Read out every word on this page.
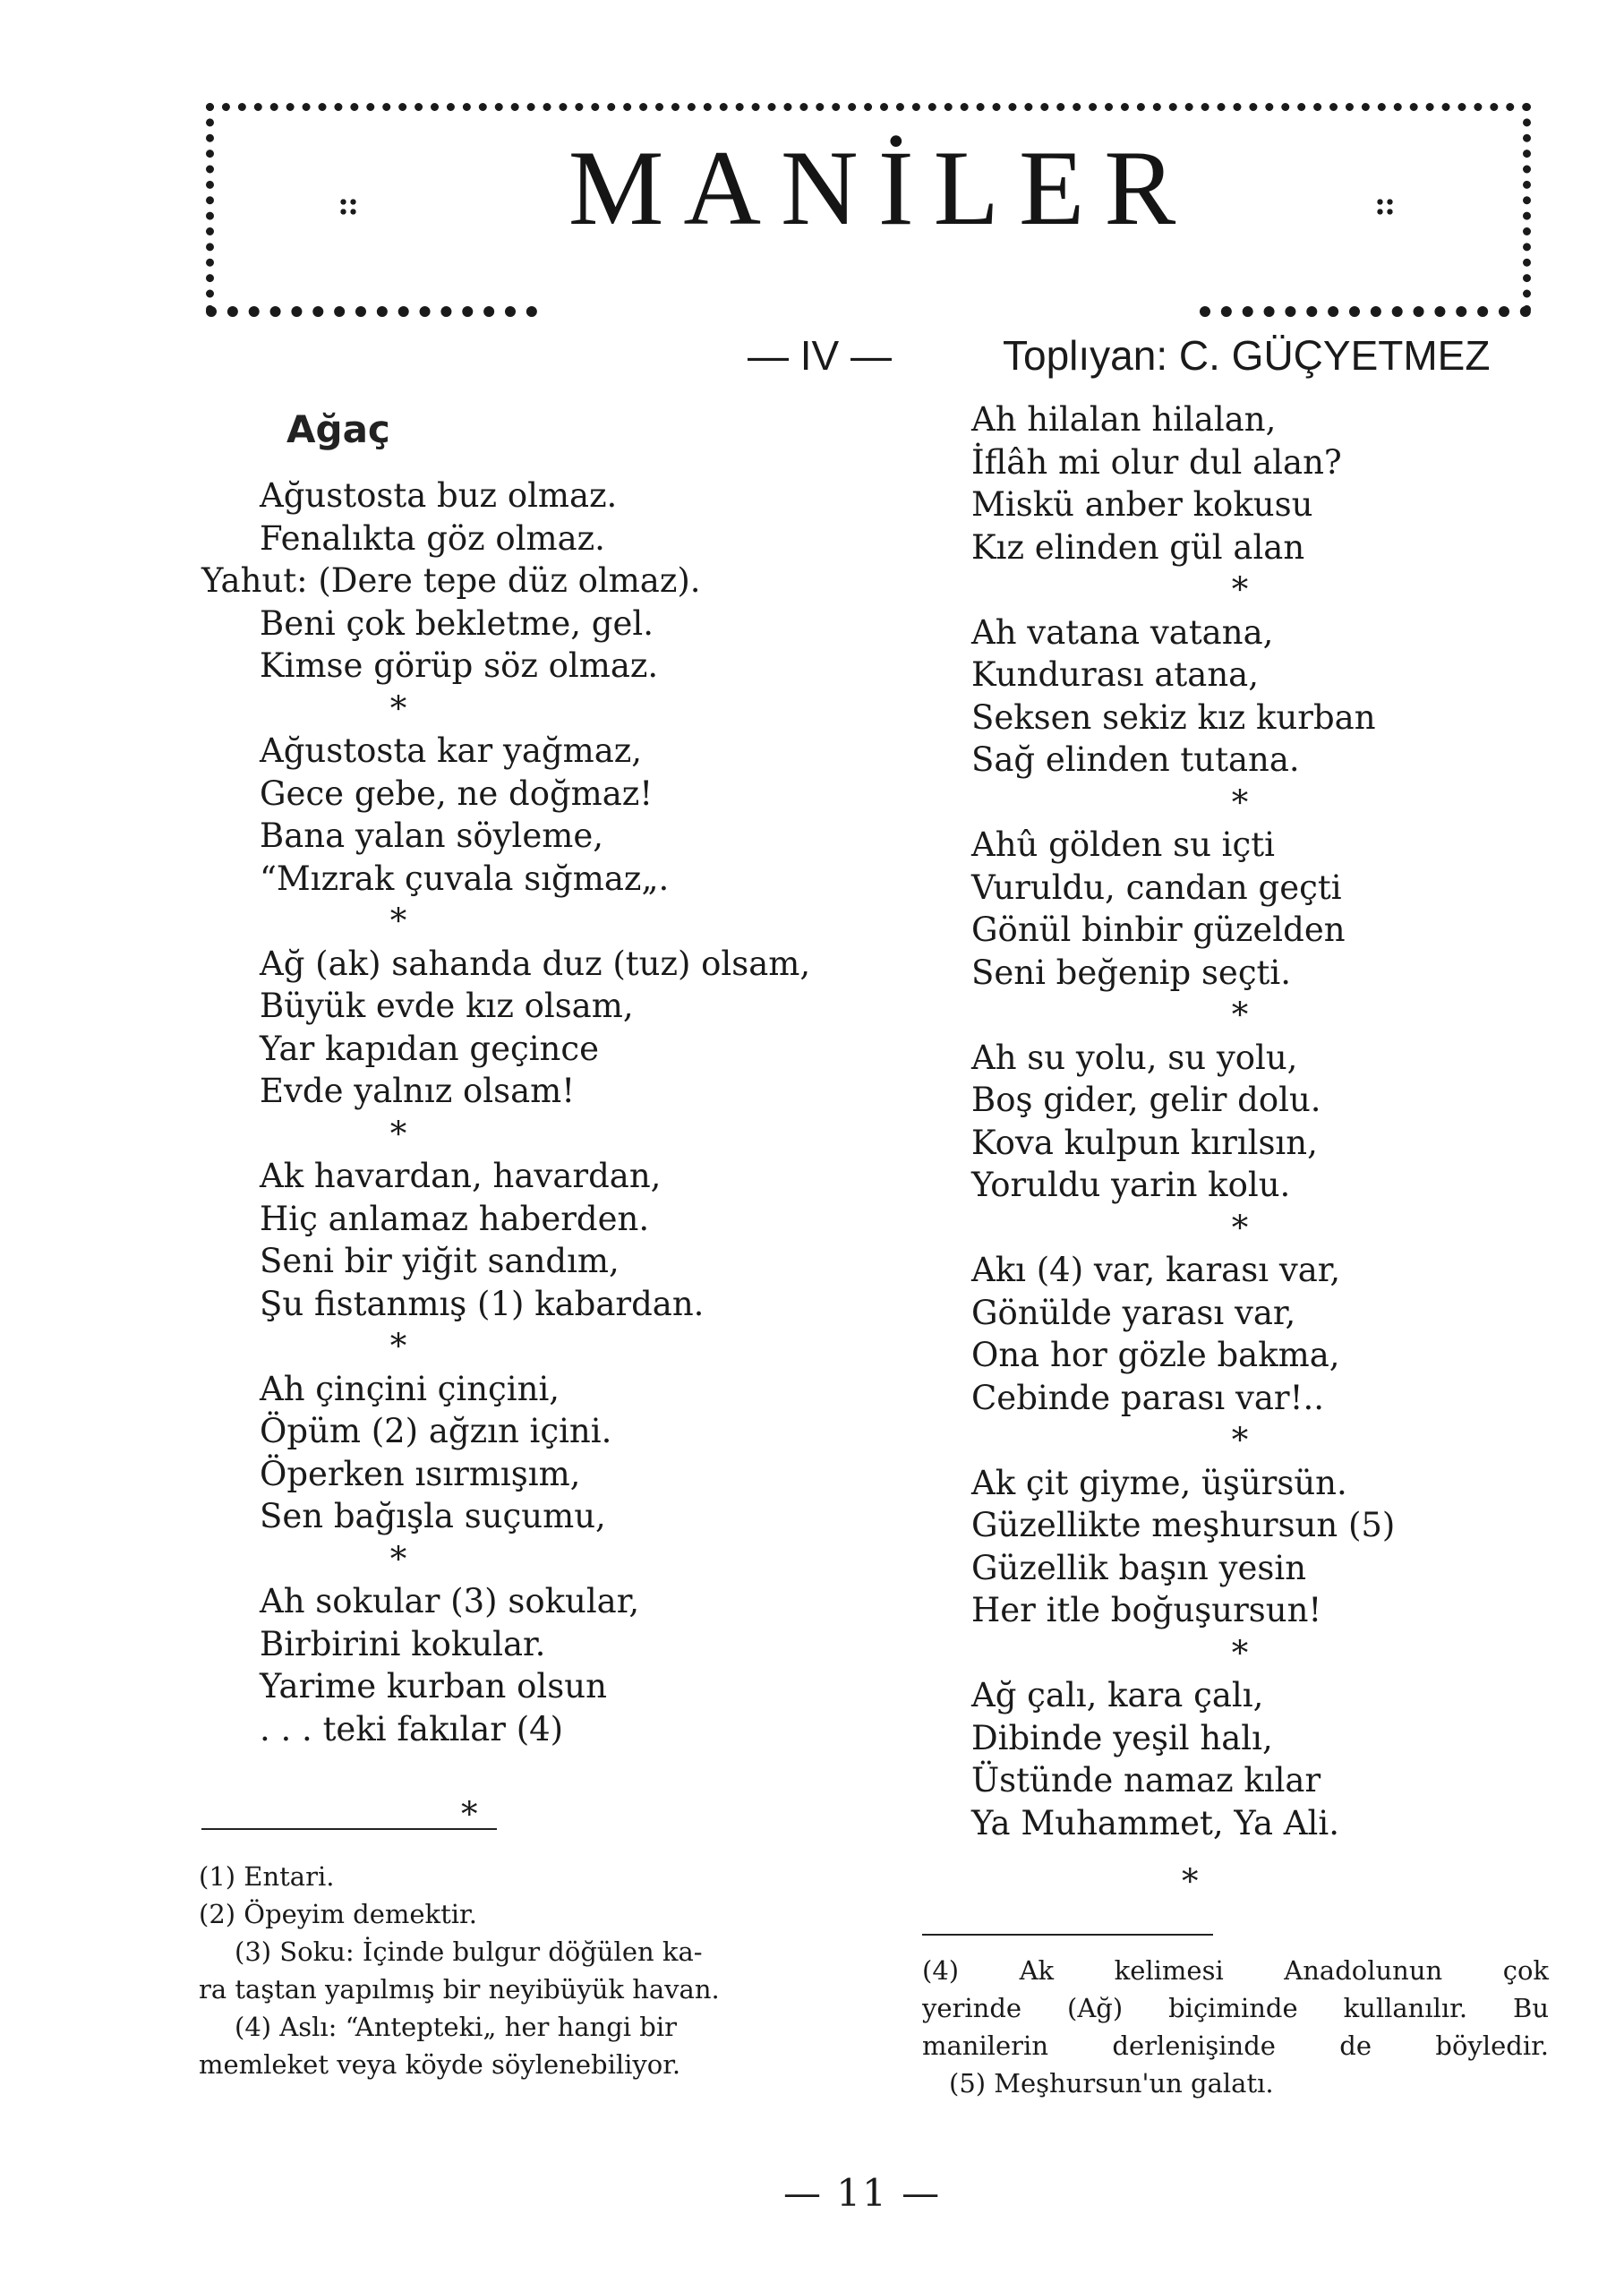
MANİLER
— IV —	Toplıyan: C. GÜÇYETMEZ
Ağaç
Ağustosta buz olmaz.
Fenalıkta göz olmaz.
Yahut: (Dere tepe düz olmaz).
Beni çok bekletme, gel.
Kimse görüp söz olmaz.
*
Ağustosta kar yağmaz,
Gece gebe, ne doğmaz!
Bana yalan söyleme,
“Mızrak çuvala sığmaz„.
*
Ağ (ak) sahanda duz (tuz) olsam,
Büyük evde kız olsam,
Yar kapıdan geçince
Evde yalnız olsam!
*
Ak havardan, havardan,
Hiç anlamaz haberden.
Seni bir yiğit sandım,
Şu fistanmış (1) kabardan.
*
Ah çinçini çinçini,
Öpüm (2) ağzın içini.
Öperken ısırmışım,
Sen bağışla suçumu,
*
Ah sokular (3) sokular,
Birbirini kokular.
Yarime kurban olsun
. . . teki fakılar (4)
*
Ah hilalan hilalan,
İflâh mi olur dul alan?
Miskü anber kokusu
Kız elinden gül alan
*
Ah vatana vatana,
Kundurası atana,
Seksen sekiz kız kurban
Sağ elinden tutana.
*
Ahû gölden su içti
Vuruldu, candan geçti
Gönül binbir güzelden
Seni beğenip seçti.
*
Ah su yolu, su yolu,
Boş gider, gelir dolu.
Kova kulpun kırılsın,
Yoruldu yarin kolu.
*
Akı (4) var, karası var,
Gönülde yarası var,
Ona hor gözle bakma,
Cebinde parası var!..
*
Ak çit giyme, üşürsün.
Güzellikte meşhursun (5)
Güzellik başın yesin
Her itle boğuşursun!
*
Ağ çalı, kara çalı,
Dibinde yeşil halı,
Üstünde namaz kılar
Ya Muhammet, Ya Ali.
*
(1) Entari.
(2) Öpeyim demektir.
(3) Soku: İçinde bulgur döğülen ka-
ra taştan yapılmış bir neyibüyük havan.
(4) Aslı: “Antepteki„ her hangi bir
memleket veya köyde söylenebiliyor.
(4) Ak kelimesi Anadolunun çok
yerinde (Ağ) biçiminde kullanılır. Bu
manilerin derlenişinde de böyledir.
(5) Meşhursun'un galatı.
— 11 —
